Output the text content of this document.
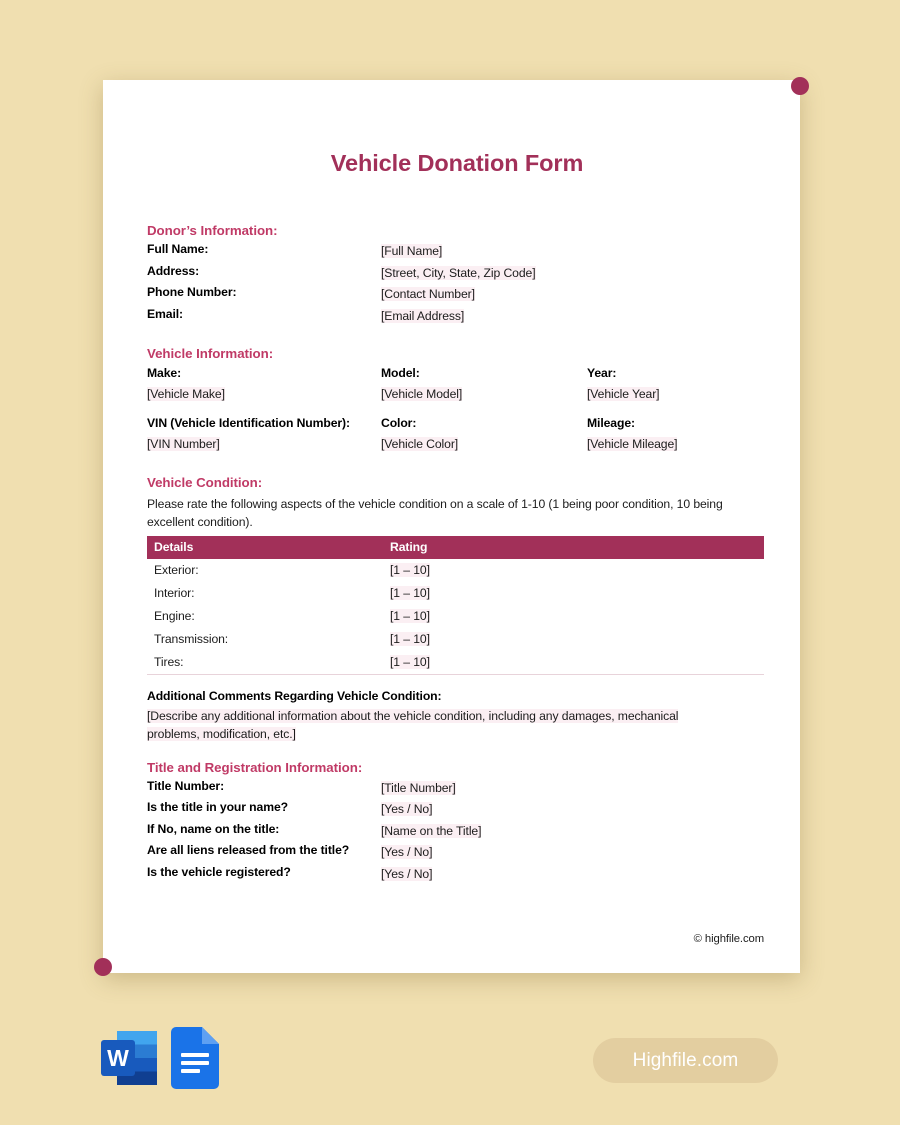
Vehicle Donation Form
Donor’s Information:
Full Name:	[Full Name]
Address:	[Street, City, State, Zip Code]
Phone Number:	[Contact Number]
Email:	[Email Address]
Vehicle Information:
Make:	Model:	Year:
[Vehicle Make]	[Vehicle Model]	[Vehicle Year]
VIN (Vehicle Identification Number):	Color:	Mileage:
[VIN Number]	[Vehicle Color]	[Vehicle Mileage]
Vehicle Condition:
Please rate the following aspects of the vehicle condition on a scale of 1-10 (1 being poor condition, 10 being excellent condition).
Details	Rating
Exterior:	[1 – 10]
Interior:	[1 – 10]
Engine:	[1 – 10]
Transmission:	[1 – 10]
Tires:	[1 – 10]
Additional Comments Regarding Vehicle Condition:
[Describe any additional information about the vehicle condition, including any damages, mechanical problems, modification, etc.]
Title and Registration Information:
Title Number:	[Title Number]
Is the title in your name?	[Yes / No]
If No, name on the title:	[Name on the Title]
Are all liens released from the title?	[Yes / No]
Is the vehicle registered?	[Yes / No]
© highfile.com
W	Highfile.com
